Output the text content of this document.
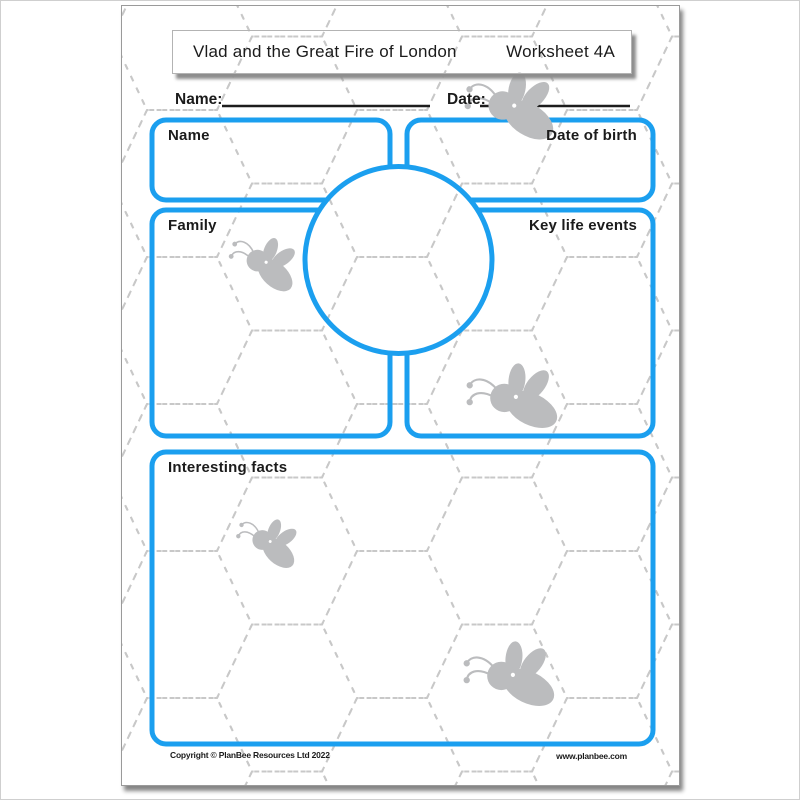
Vlad and the Great Fire of London	Worksheet 4A
Name:	Date:
Name	Date of birth
Family	Key life events
Interesting facts
Copyright © PlanBee Resources Ltd 2022	www.planbee.com
